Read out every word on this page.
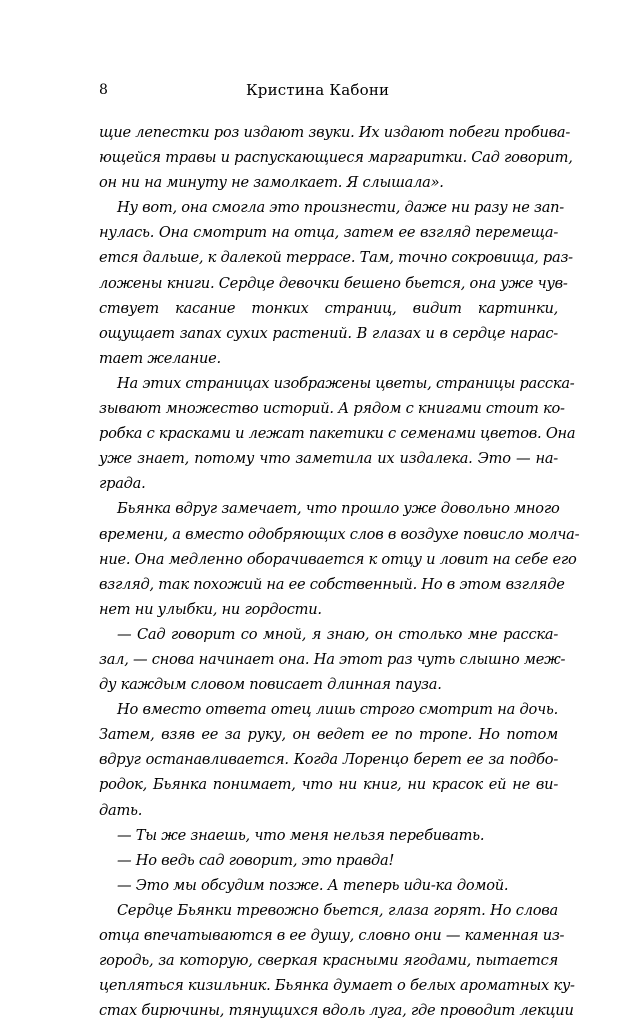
8	Кристина Кабони
щие лепестки роз издают звуки. Их издают побеги пробива-
ющейся травы и распускающиеся маргаритки. Сад говорит,
он ни на минуту не замолкает. Я слышала».
Ну вот, она смогла это произнести, даже ни разу не зап-
нулась. Она смотрит на отца, затем ее взгляд перемеща-
ется дальше, к далекой террасе. Там, точно сокровища, раз-
ложены книги. Сердце девочки бешено бьется, она уже чув-
ствует касание тонких страниц, видит картинки,
ощущает запах сухих растений. В глазах и в сердце нарас-
тает желание.
На этих страницах изображены цветы, страницы расска-
зывают множество историй. А рядом с книгами стоит ко-
робка с красками и лежат пакетики с семенами цветов. Она
уже знает, потому что заметила их издалека. Это — на-
града.
Бьянка вдруг замечает, что прошло уже довольно много
времени, а вместо одобряющих слов в воздухе повисло молча-
ние. Она медленно оборачивается к отцу и ловит на себе его
взгляд, так похожий на ее собственный. Но в этом взгляде
нет ни улыбки, ни гордости.
— Сад говорит со мной, я знаю, он столько мне расска-
зал, — снова начинает она. На этот раз чуть слышно меж-
ду каждым словом повисает длинная пауза.
Но вместо ответа отец лишь строго смотрит на дочь.
Затем, взяв ее за руку, он ведет ее по тропе. Но потом
вдруг останавливается. Когда Лоренцо берет ее за подбо-
родок, Бьянка понимает, что ни книг, ни красок ей не ви-
дать.
— Ты же знаешь, что меня нельзя перебивать.
— Но ведь сад говорит, это правда!
— Это мы обсудим позже. А теперь иди-ка домой.
Сердце Бьянки тревожно бьется, глаза горят. Но слова
отца впечатываются в ее душу, словно они — каменная из-
городь, за которую, сверкая красными ягодами, пытается
цепляться кизильник. Бьянка думает о белых ароматных ку-
стах бирючины, тянущихся вдоль луга, где проводит лекции
